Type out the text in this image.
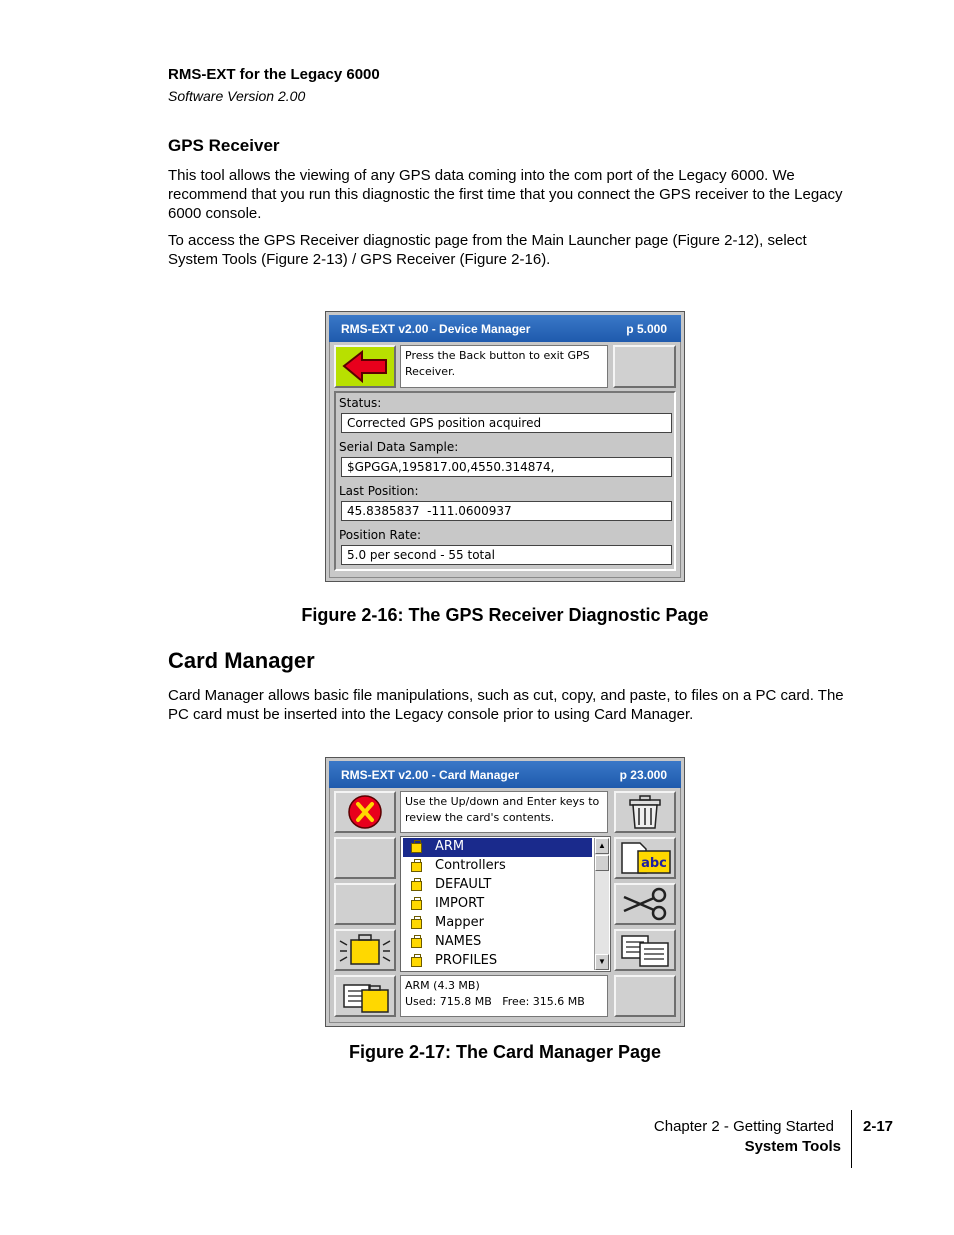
RMS-EXT for the Legacy 6000
Software Version 2.00
GPS Receiver
This tool allows the viewing of any GPS data coming into the com port of the Legacy 6000. We recommend that you run this diagnostic the first time that you connect the GPS receiver to the Legacy 6000 console.
To access the GPS Receiver diagnostic page from the Main Launcher page (Figure 2-12), select System Tools (Figure 2-13) / GPS Receiver (Figure 2-16).
RMS-EXT v2.00 - Device Manager	p 5.000
Press the Back button to exit GPS Receiver.
Status:
Corrected GPS position acquired
Serial Data Sample:
$GPGGA,195817.00,4550.314874,
Last Position:
45.8385837  -111.0600937
Position Rate:
5.0 per second - 55 total
Figure 2-16: The GPS Receiver Diagnostic Page
Card Manager
Card Manager allows basic file manipulations, such as cut, copy, and paste, to files on a PC card. The PC card must be inserted into the Legacy console prior to using Card Manager.
RMS-EXT v2.00 - Card Manager	p 23.000
Use the Up/down and Enter keys to review the card's contents.
ARM
Controllers
DEFAULT
IMPORT
Mapper
NAMES
PROFILES
▲
▼
ARM (4.3 MB)
Used: 715.8 MB   Free: 315.6 MB
abc
Figure 2-17: The Card Manager Page
Chapter 2 - Getting Started
System Tools
2-17
